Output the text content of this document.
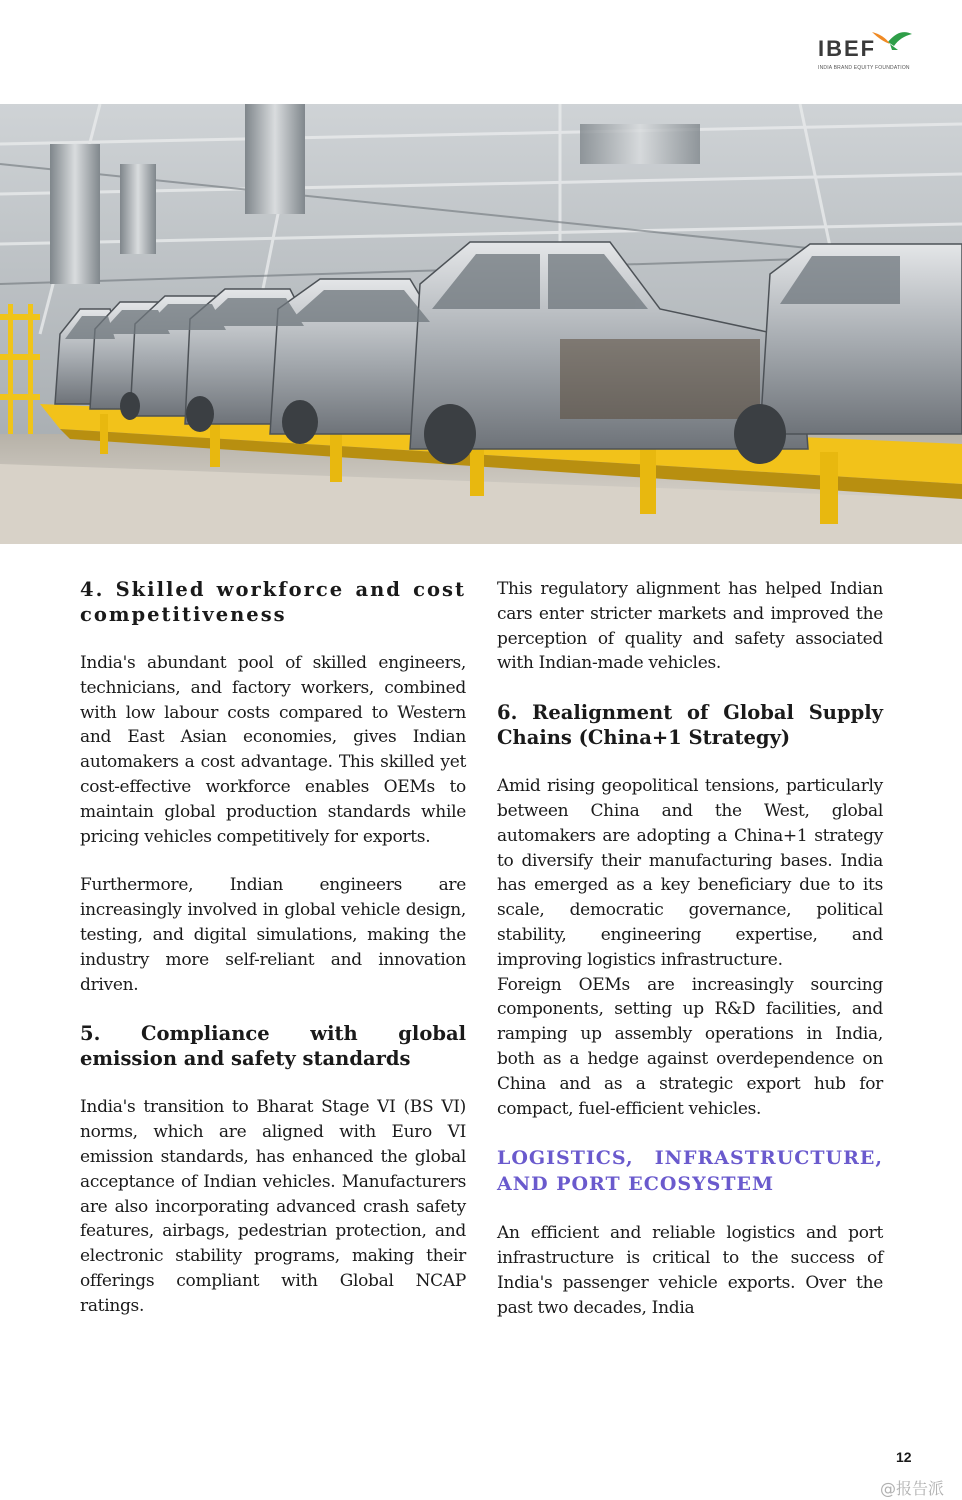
IBEF
INDIA BRAND EQUITY FOUNDATION
4. Skilled workforce and cost competitiveness

India's abundant pool of skilled engineers, technicians, and factory workers, combined with low labour costs compared to Western and East Asian economies, gives Indian automakers a cost advantage. This skilled yet cost-effective workforce enables OEMs to maintain global production standards while pricing vehicles competitively for exports.

Furthermore, Indian engineers are increasingly involved in global vehicle design, testing, and digital simulations, making the industry more self-reliant and innovation driven.

5. Compliance with global emission and safety standards

India's transition to Bharat Stage VI (BS VI) norms, which are aligned with Euro VI emission standards, has enhanced the global acceptance of Indian vehicles. Manufacturers are also incorporating advanced crash safety features, airbags, pedestrian protection, and electronic stability programs, making their offerings compliant with Global NCAP ratings.

This regulatory alignment has helped Indian cars enter stricter markets and improved the perception of quality and safety associated with Indian-made vehicles.

6. Realignment of Global Supply Chains (China+1 Strategy)

Amid rising geopolitical tensions, particularly between China and the West, global automakers are adopting a China+1 strategy to diversify their manufacturing bases. India has emerged as a key beneficiary due to its scale, democratic governance, political stability, engineering expertise, and improving logistics infrastructure.

Foreign OEMs are increasingly sourcing components, setting up R&D facilities, and ramping up assembly operations in India, both as a hedge against overdependence on China and as a strategic export hub for compact, fuel-efficient vehicles.

LOGISTICS, INFRASTRUCTURE, AND PORT ECOSYSTEM

An efficient and reliable logistics and port infrastructure is critical to the success of India's passenger vehicle exports. Over the past two decades, India

12
@报告派
